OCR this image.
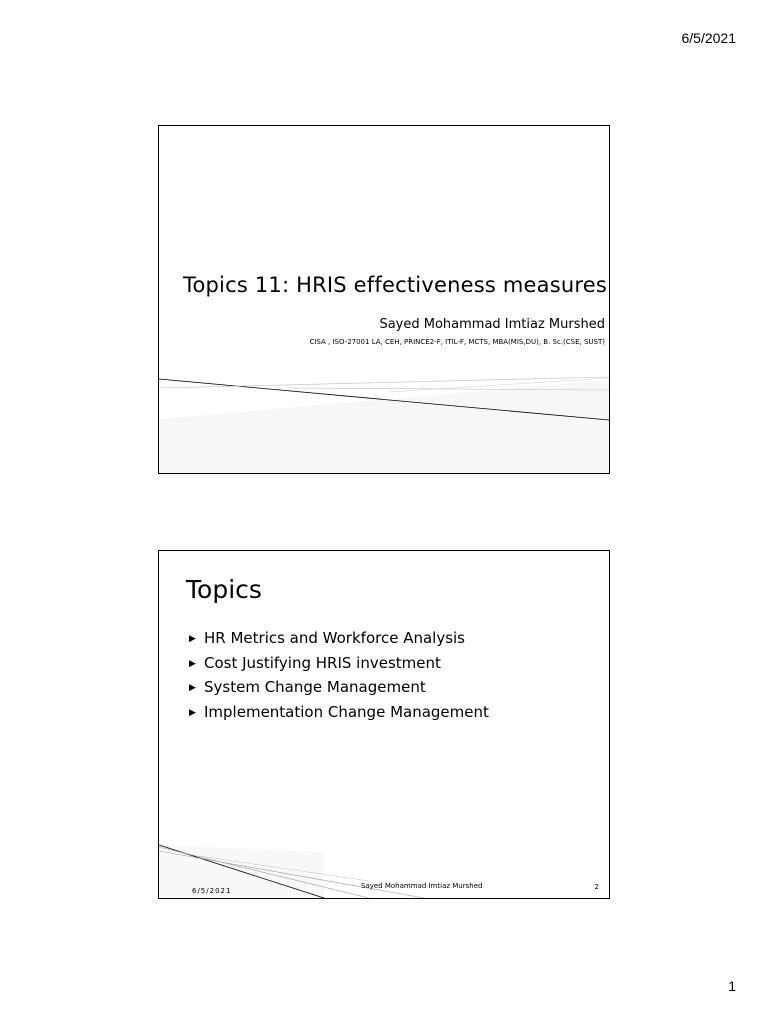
6/5/2021
Topics 11: HRIS effectiveness measures
Sayed Mohammad Imtiaz Murshed
CISA , ISO-27001 LA, CEH, PRINCE2-F, ITIL-F, MCTS, MBA(MIS,DU), B. Sc.(CSE, SUST)
Topics
▶ HR Metrics and Workforce Analysis
▶ Cost Justifying HRIS investment
▶ System Change Management
▶ Implementation Change Management
6/5/2021
Sayed Mohammad Imtiaz Murshed	2
1
